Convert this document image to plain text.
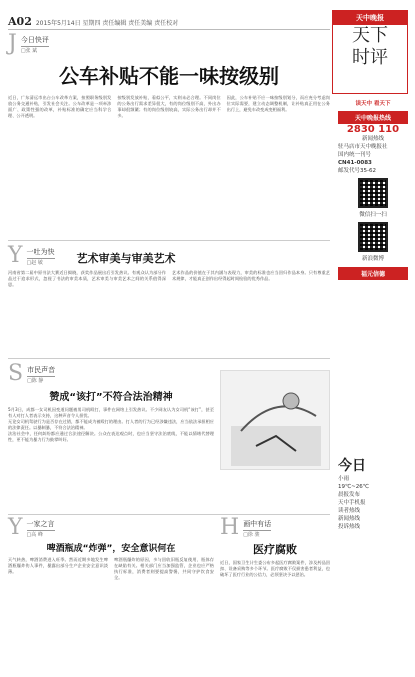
A02 2015年5月14日 星期四 责任编辑 责任美编 责任校对
天中晚报
天下
时评
J 今日快评
□张 斌
公车补贴不能一味按级别

近日，广东清远市出台公车改革方案，按照职务级别发放公务交通补贴，引发社会关注。公车改革是一项牵涉面广、政策性强的改革，补贴标准的确定应当科学合理、公开透明。

按级别发放补贴，看似公平，实则未必合理。不同岗位的公务出行需求差异很大，有的岗位级别不高，外出办事却很频繁；有的岗位级别较高，实际公务出行却并不多。

因此，公车补贴不应一味按级别划分，而应充分考虑岗位实际需要，建立动态调整机制，让补贴真正用在公务出行上，避免车改变成变相福利。

Y 一吐为快
□赵 敏	艺术审美与审美艺术

河南省第二届中原书法大赛近日揭晓，获奖作品展出后引发热议。有观众认为部分作品过于追求形式，忽视了书法的审美本质，艺术审美与审美艺术之间的关系值得深思。

艺术作品的价值在于其内涵与表现力，审美的标准也应当回归作品本身。只有尊重艺术规律，才能真正创作出经得起时间检验的优秀作品。

S 市民声音
□陈 静
赞成“该打”不符合法治精神

5月3日，成都一女司机因变道问题被男司机殴打，事件在网络上引发热议。不少网友认为女司机“该打”，甚至有人对打人者表示支持，这种声音令人担忧。

无论女司机驾驶行为是否存在过错，都不能成为被殴打的理由。打人者的行为已经涉嫌违法，应当依法承担相应的法律责任。以暴制暴，不符合法治精神。

法治社会中，任何纠纷都应通过合法途径解决。公众在表达观点时，也应当坚守法治底线，不能以情绪代替理性，更不能为暴力行为鼓掌叫好。

Y 一家之言
□高 峰
啤酒瓶成“炸弹”，安全意识何在

天气转热，啤酒消费进入旺季。然而近期多地发生啤酒瓶爆炸伤人事件，暴露出部分生产企业安全意识淡薄。

啤酒瓶爆炸的原因，多与回收旧瓶反复使用、瓶体存在缺陷有关。相关部门应当加强监管，企业也应严格执行标准，消费者则要提高警惕，共同守护饮食安全。

H 画中有话
□徐 骏
医疗腐败
近日，国家卫生计生委公布多起医疗腐败案件，涉及药品回扣、设备采购等多个环节。医疗腐败不仅损害患者利益，也破坏了医疗行业的公信力，必须坚决予以惩治。
读天中 看天下
天中晚报热线
2830 110
新闻热线
驻马店市天中晚报社
国内统一刊号
CN41-0083
邮发代号35-62
微信扫一扫
新浪微博
福元信德
今日
小雨
19℃~26℃
晨报发布
天中手机报
读者热线
新闻热线
投诉热线
